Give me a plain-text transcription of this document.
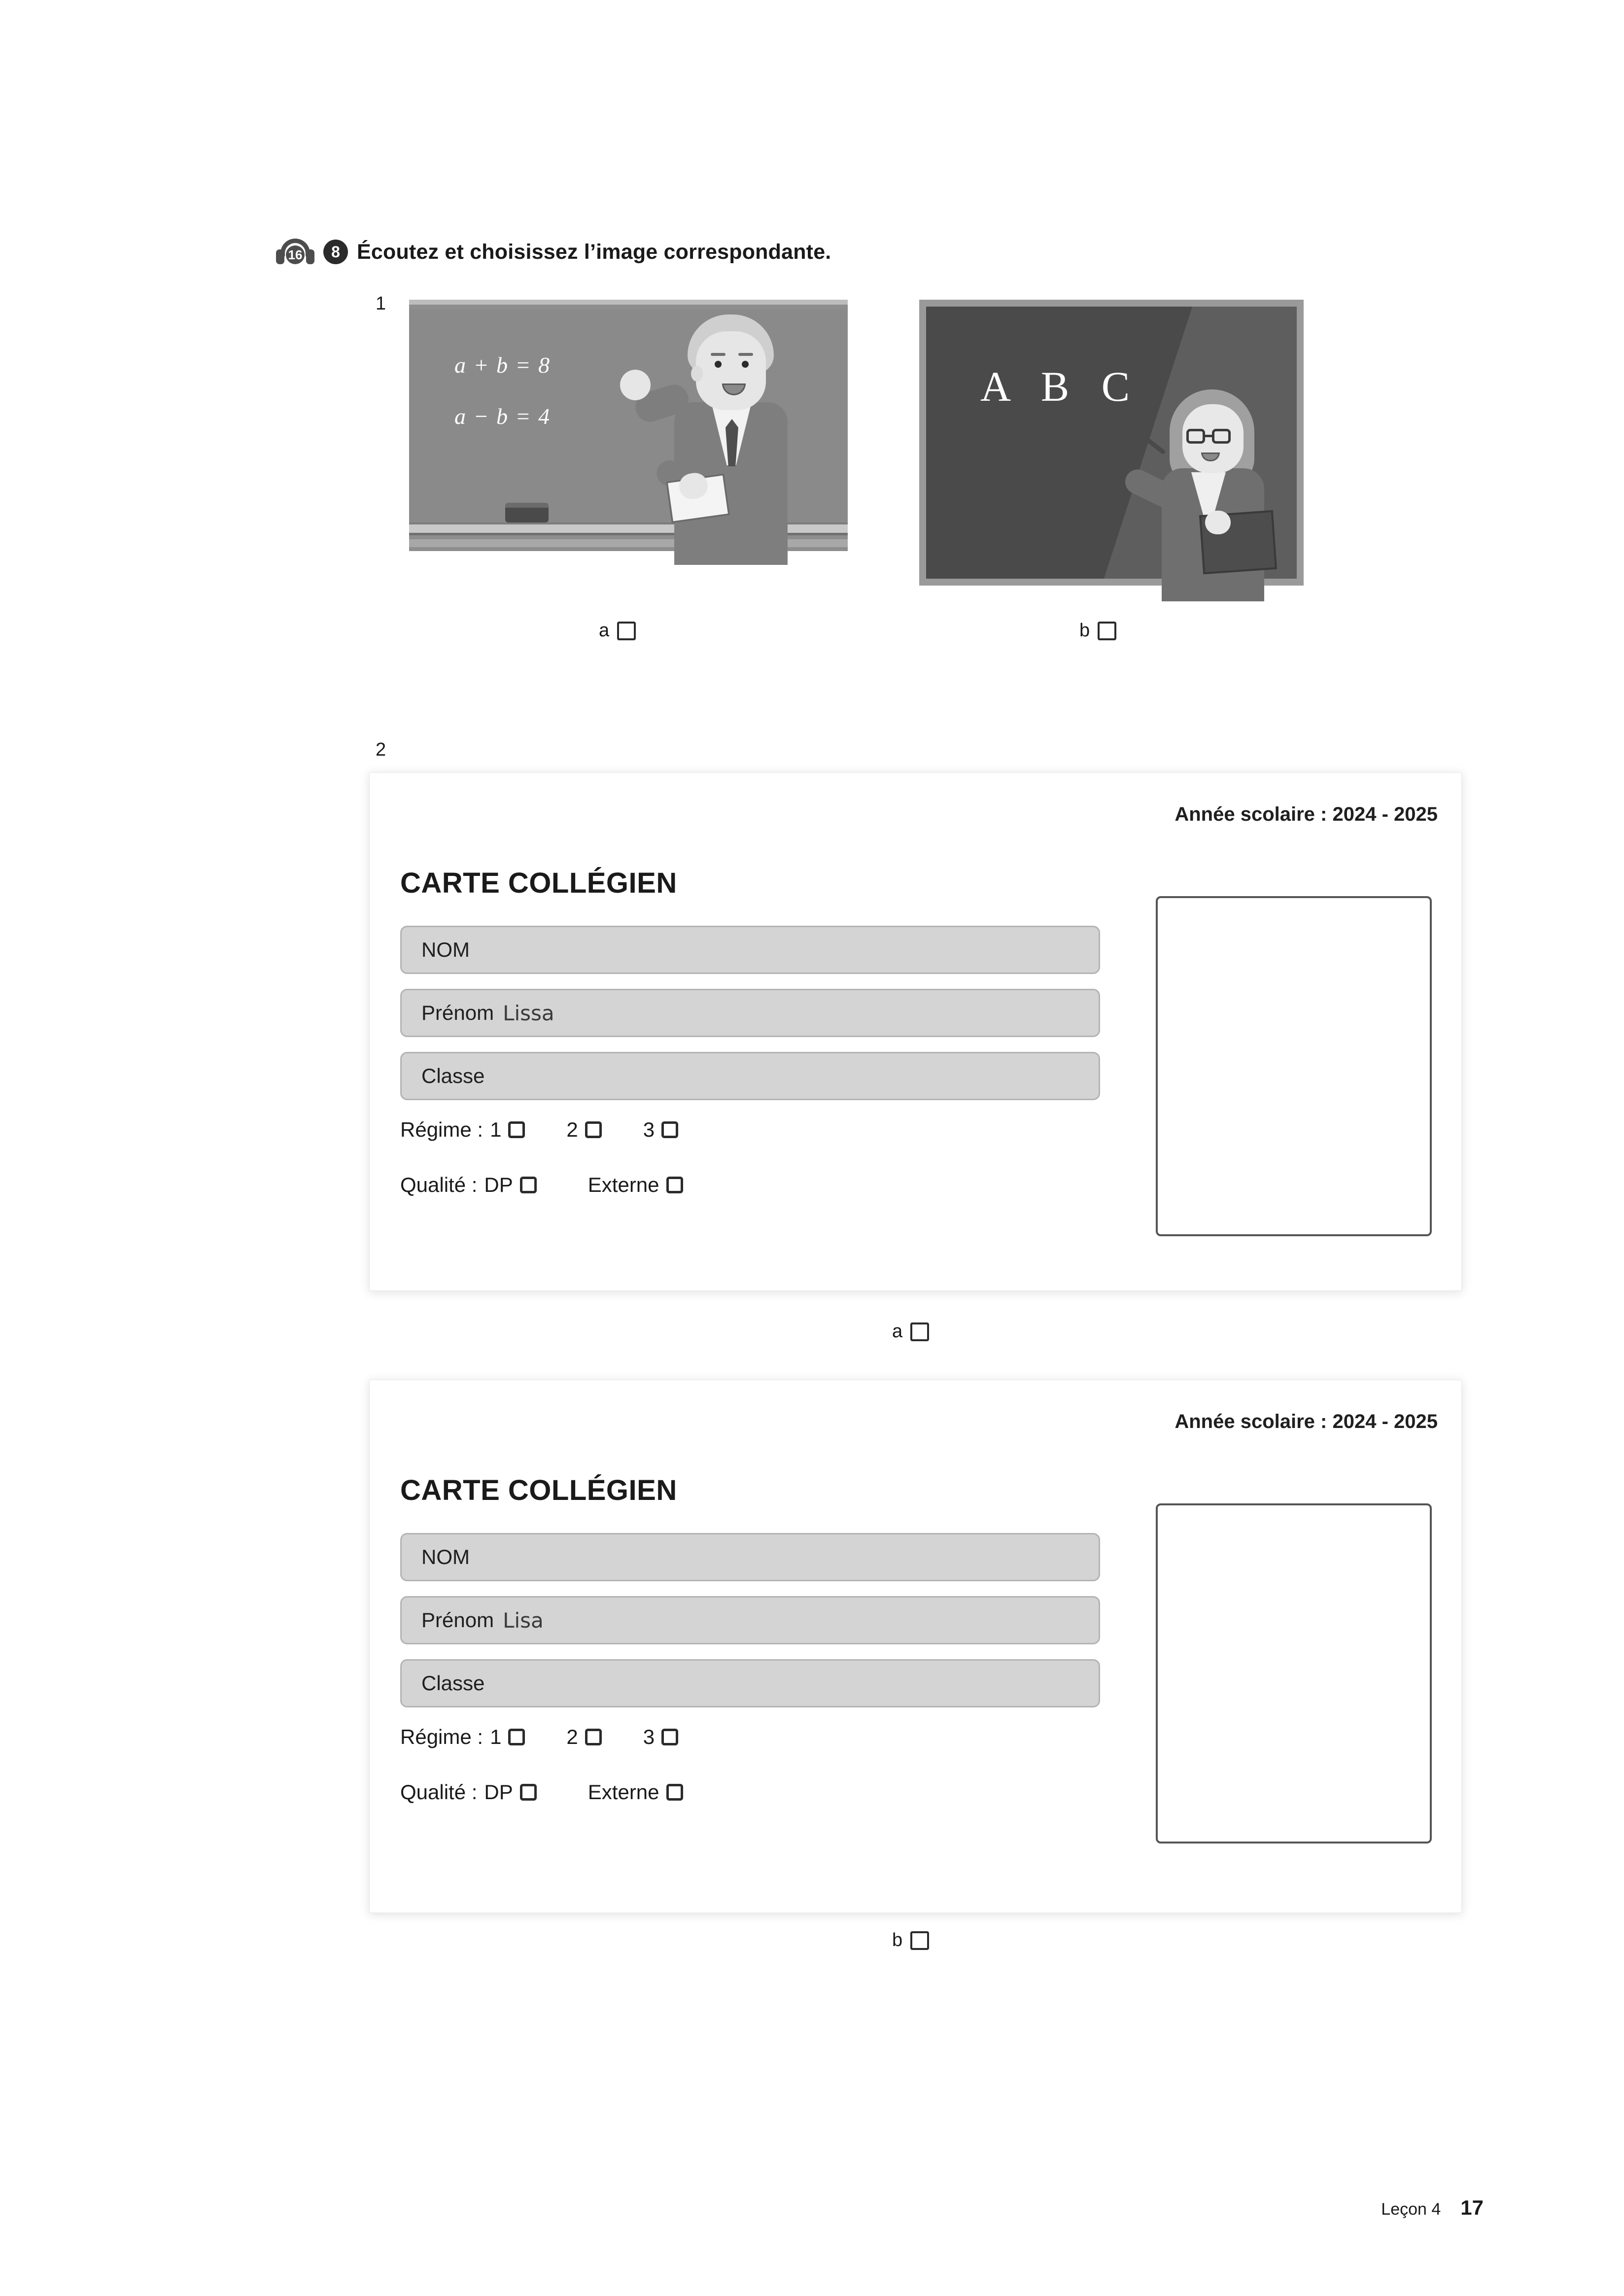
16	8 Écoutez et choisissez l’image correspondante.
1
a + b = 8
a − b = 4
A B C
a	b
2
Année scolaire : 2024 - 2025
CARTE COLLÉGIEN
NOM
Prénom Lissa
Classe
Régime : 1	2	3
Qualité : DP	Externe
a
Année scolaire : 2024 - 2025
CARTE COLLÉGIEN
NOM
Prénom Lisa
Classe
Régime : 1	2	3
Qualité : DP	Externe
b
Leçon 4 17
